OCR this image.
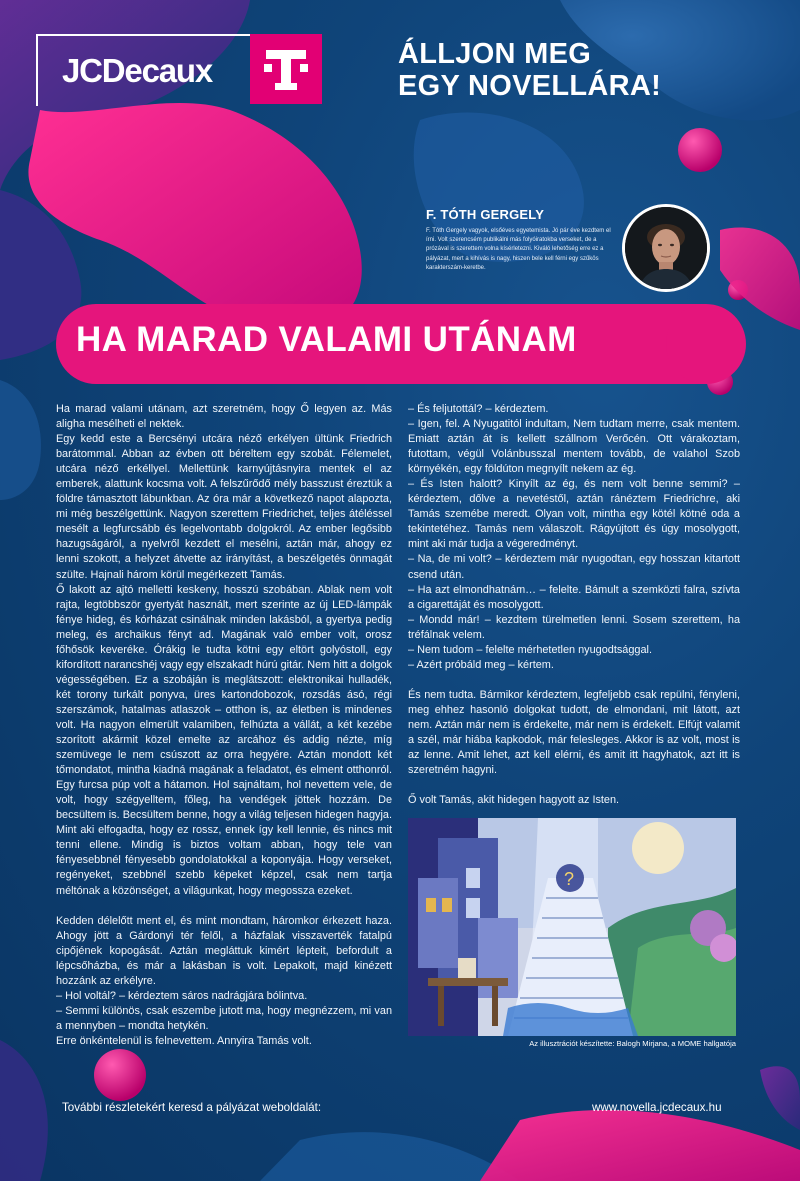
JCDecaux	ÁLLJON MEG
EGY NOVELLÁRA!
F. TÓTH GERGELY
F. Tóth Gergely vagyok, elsőéves egyetemista. Jó pár éve kezdtem el írni. Volt szerencsém publikálni más folyóiratokba verseket, de a prózával is szerettem volna kísérletezni. Kiváló lehetőség erre ez a pályázat, mert a kihívás is nagy, hiszen bele kell férni egy szűkös karakterszám-keretbe.
HA MARAD VALAMI UTÁNAM

Ha marad valami utánam, azt szeretném, hogy Ő legyen az. Más aligha mesélheti el nektek.

Egy kedd este a Bercsényi utcára néző erkélyen ültünk Friedrich barátommal. Abban az évben ott béreltem egy szobát. Félemelet, utcára néző erkéllyel. Mellettünk karnyújtásnyira mentek el az emberek, alattunk kocsma volt. A felszűrődő mély basszust éreztük a földre támasztott lábunkban. Az óra már a következő napot alapozta, mi még beszélgettünk. Nagyon szerettem Friedrichet, teljes átéléssel mesélt a legfurcsább és legelvontabb dolgokról. Az ember legősibb hazugságáról, a nyelvről kezdett el mesélni, aztán már, ahogy ez lenni szokott, a helyzet átvette az irányítást, a beszélgetés önmagát szülte. Hajnali három körül megérkezett Tamás.

Ő lakott az ajtó melletti keskeny, hosszú szobában. Ablak nem volt rajta, legtöbbször gyertyát használt, mert szerinte az új LED-lámpák fénye hideg, és kórházat csinálnak minden lakásból, a gyertya pedig meleg, és archaikus fényt ad. Magának való ember volt, orosz főhősök keveréke. Órákig le tudta kötni egy eltört golyóstoll, egy kifordított narancshéj vagy egy elszakadt húrú gitár. Nem hitt a dolgok végességében. Ez a szobáján is meglátszott: elektronikai hulladék, két torony turkált ponyva, üres kartondobozok, rozsdás ásó, régi szerszámok, hatalmas atlaszok – otthon is, az életben is mindenes volt. Ha nagyon elmerült valamiben, felhúzta a vállát, a két kezébe szorított akármit közel emelte az arcához és addig nézte, míg szemüvege le nem csúszott az orra hegyére. Aztán mondott két tőmondatot, mintha kiadná magának a feladatot, és elment otthonról. Egy furcsa púp volt a hátamon. Hol sajnáltam, hol nevettem vele, de volt, hogy szégyelltem, főleg, ha vendégek jöttek hozzám. De becsültem is. Becsültem benne, hogy a világ teljesen hidegen hagyja. Mint aki elfogadta, hogy ez rossz, ennek így kell lennie, és nincs mit tenni ellene. Mindig is biztos voltam abban, hogy tele van fényesebbnél fényesebb gondolatokkal a koponyája. Hogy verseket, regényeket, szebbnél szebb képeket képzel, csak nem tartja méltónak a közönséget, a világunkat, hogy megossza ezeket.

Kedden délelőtt ment el, és mint mondtam, háromkor érkezett haza. Ahogy jött a Gárdonyi tér felől, a házfalak visszaverték fatalpú cipőjének kopogását. Aztán megláttuk kimért lépteit, befordult a lépcsőházba, és már a lakásban is volt. Lepakolt, majd kinézett hozzánk az erkélyre.

– Hol voltál? – kérdeztem sáros nadrágjára bólintva.

– Semmi különös, csak eszembe jutott ma, hogy megnézzem, mi van a mennyben – mondta hetykén.

Erre önkéntelenül is felnevettem. Annyira Tamás volt.

– És feljutottál? – kérdeztem.

– Igen, fel. A Nyugatitól indultam, Nem tudtam merre, csak mentem. Emiatt aztán át is kellett szállnom Verőcén. Ott várakoztam, futottam, végül Volánbusszal mentem tovább, de valahol Szob környékén, egy földúton megnyílt nekem az ég.

– És Isten halott? Kinyílt az ég, és nem volt benne semmi? – kérdeztem, dőlve a nevetéstől, aztán ránéztem Friedrichre, aki Tamás szemébe meredt. Olyan volt, mintha egy kötél kötné oda a tekintetéhez. Tamás nem válaszolt. Rágyújtott és úgy mosolygott, mint aki már tudja a végeredményt.

– Na, de mi volt? – kérdeztem már nyugodtan, egy hosszan kitartott csend után.

– Ha azt elmondhatnám… – felelte. Bámult a szemközti falra, szívta a cigarettáját és mosolygott.

– Mondd már! – kezdtem türelmetlen lenni. Sosem szerettem, ha tréfálnak velem.

– Nem tudom – felelte mérhetetlen nyugodtsággal.

– Azért próbáld meg – kértem.

És nem tudta. Bármikor kérdeztem, legfeljebb csak repülni, fényleni, meg ehhez hasonló dolgokat tudott, de elmondani, mit látott, azt nem. Aztán már nem is érdekelte, már nem is érdekelt. Elfújt valamit a szél, már hiába kapkodok, már felesleges. Akkor is az volt, most is az lenne. Amit lehet, azt kell elérni, és amit itt hagyhatok, azt itt is szeretném hagyni.

Ő volt Tamás, akit hidegen hagyott az Isten.

?
Az illusztrációt készítette: Balogh Mirjana, a MOME hallgatója
További részletekért keresd a pályázat weboldalát:	www.novella.jcdecaux.hu
